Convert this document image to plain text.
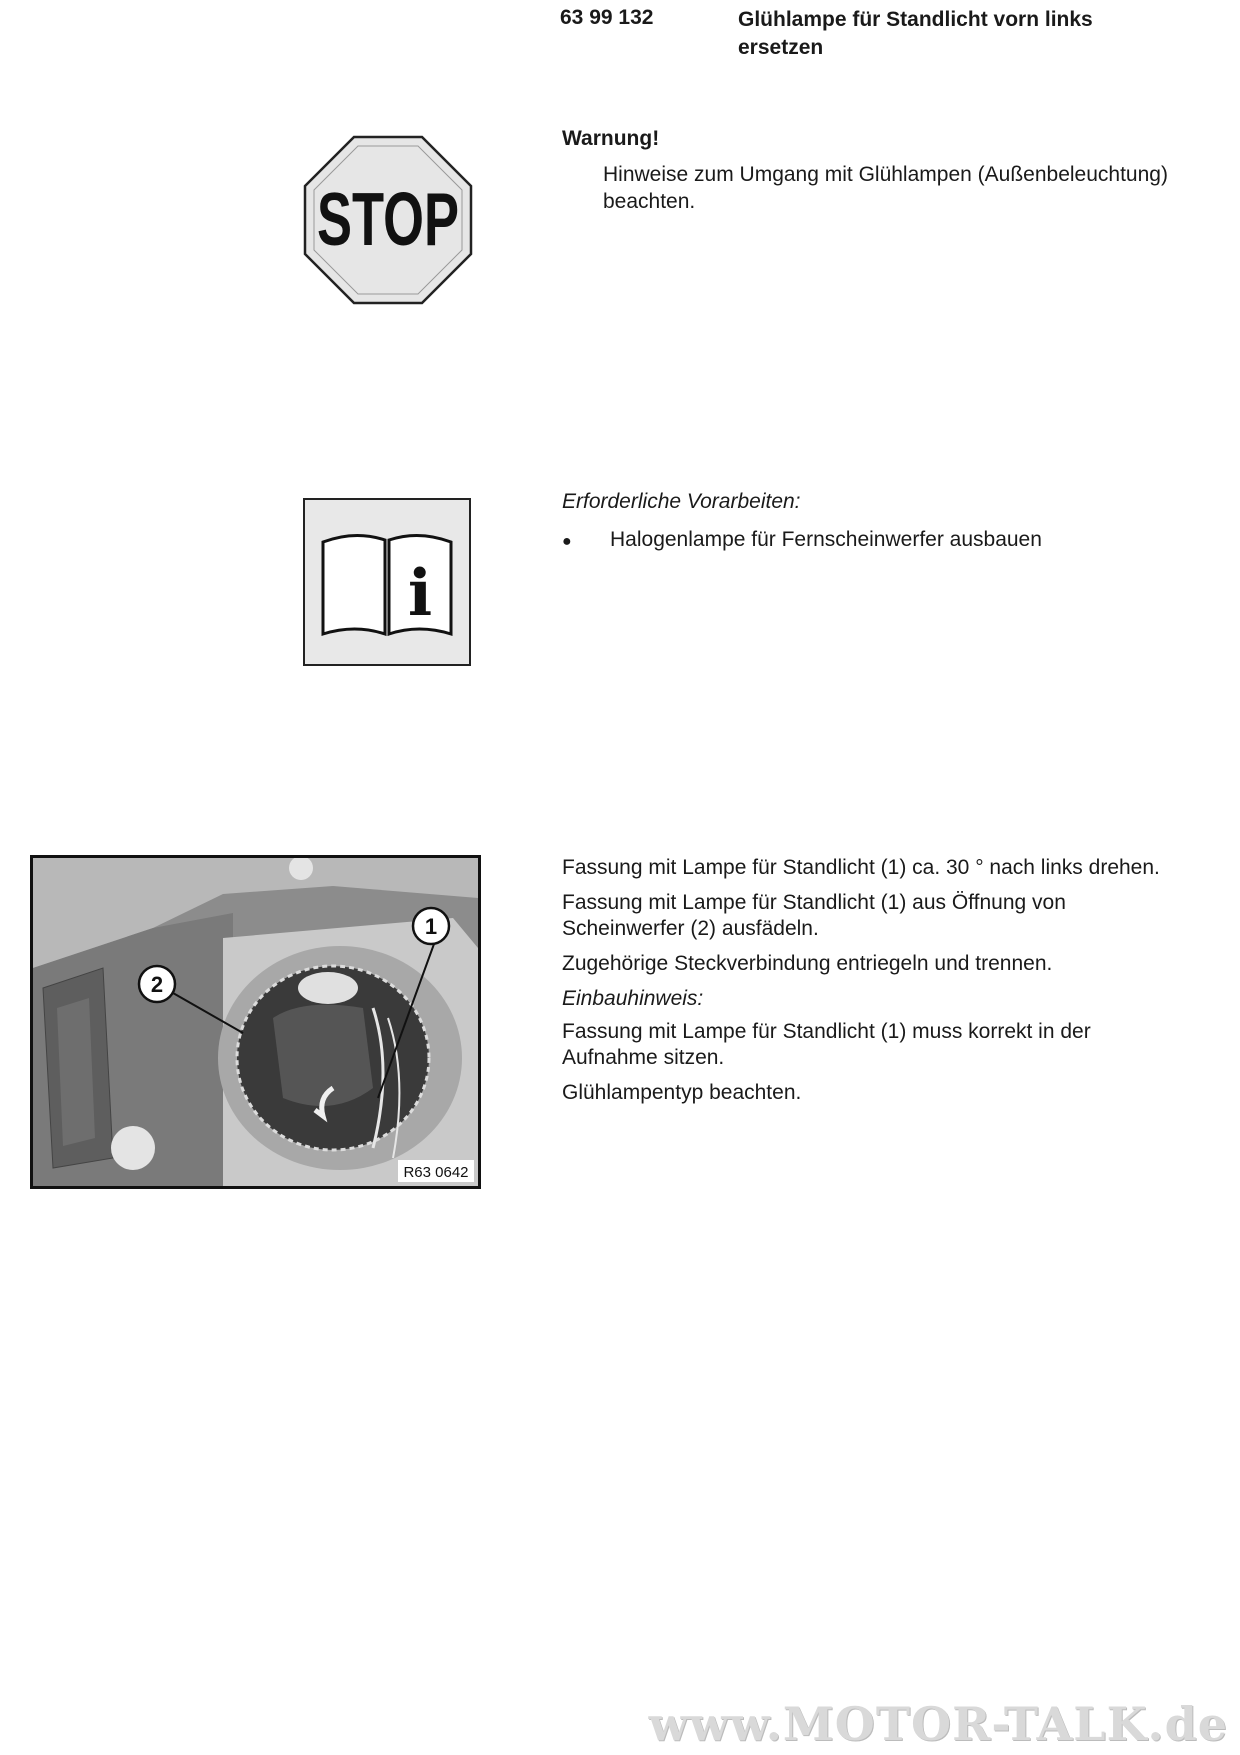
63 99 132	Glühlampe für Standlicht vorn links ersetzen
STOP
Warnung!
Hinweise zum Umgang mit Glühlampen (Außenbeleuchtung) beachten.
i
Erforderliche Vorarbeiten:
●	Halogenlampe für Fernscheinwerfer ausbauen
1
2
R63 0642

Fassung mit Lampe für Standlicht (1) ca. 30 ° nach links drehen.

Fassung mit Lampe für Standlicht (1) aus Öffnung von Scheinwerfer (2) ausfädeln.

Zugehörige Steckverbindung entriegeln und trennen.

Einbauhinweis:

Fassung mit Lampe für Standlicht (1) muss korrekt in der Aufnahme sitzen.

Glühlampentyp beachten.

www.MOTOR-TALK.de
